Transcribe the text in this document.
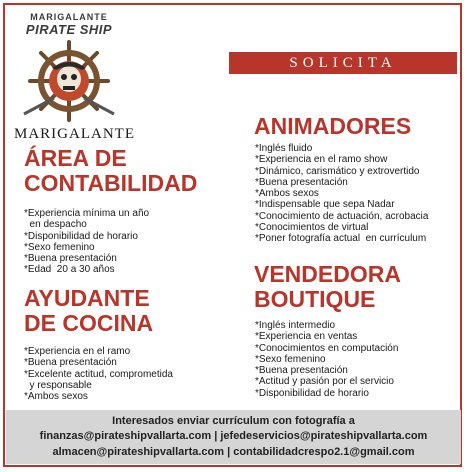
MARIGALANTE
PIRATE SHIP
MARIGALANTE
SOLICITA
ÁREA DE
CONTABILIDAD
*Experiencia mínima un año
en despacho
*Disponibilidad de horario
*Sexo femenino
*Buena presentación
*Edad  20 a 30 años
AYUDANTE
DE COCINA
*Experiencia en el ramo
*Buena presentación
*Excelente actitud, comprometida
y responsable
*Ambos sexos
ANIMADORES
*Inglés fluido
*Experiencia en el ramo show
*Dinámico, carismático y extrovertido
*Buena presentación
*Ambos sexos
*Indispensable que sepa Nadar
*Conocimiento de actuación, acrobacia
*Conocimientos de virtual
*Poner fotografía actual  en currículum
VENDEDORA
BOUTIQUE
*Inglés intermedio
*Experiencia en ventas
*Conocimientos en computación
*Sexo femenino
*Buena presentación
*Actitud y pasión por el servicio
*Disponibilidad de horario
Interesados enviar currículum con fotografía a
finanzas@pirateshipvallarta.com | jefedeservicios@pirateshipvallarta.com
almacen@pirateshipvallarta.com | contabilidadcrespo2.1@gmail.com
